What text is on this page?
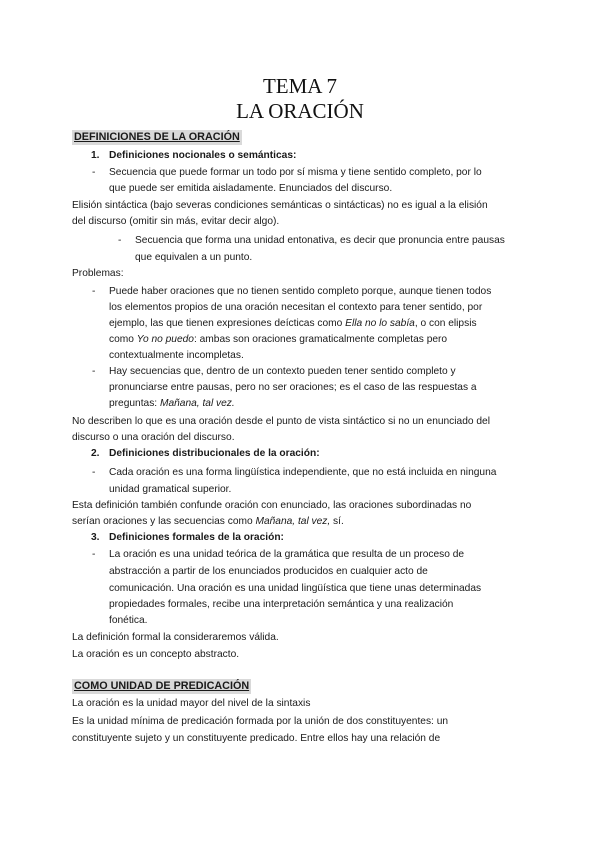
TEMA 7
LA ORACIÓN
DEFINICIONES DE LA ORACIÓN
1. Definiciones nocionales o semánticas:
- Secuencia que puede formar un todo por sí misma y tiene sentido completo, por lo
que puede ser emitida aisladamente. Enunciados del discurso.
Elisión sintáctica (bajo severas condiciones semánticas o sintácticas) no es igual a la elisión
del discurso (omitir sin más, evitar decir algo).
- Secuencia que forma una unidad entonativa, es decir que pronuncia entre pausas
que equivalen a un punto.
Problemas:
- Puede haber oraciones que no tienen sentido completo porque, aunque tienen todos
los elementos propios de una oración necesitan el contexto para tener sentido, por
ejemplo, las que tienen expresiones deícticas como Ella no lo sabía, o con elipsis
como Yo no puedo: ambas son oraciones gramaticalmente completas pero
contextualmente incompletas.
- Hay secuencias que, dentro de un contexto pueden tener sentido completo y
pronunciarse entre pausas, pero no ser oraciones; es el caso de las respuestas a
preguntas: Mañana, tal vez.
No describen lo que es una oración desde el punto de vista sintáctico si no un enunciado del
discurso o una oración del discurso.
2. Definiciones distribucionales de la oración:
- Cada oración es una forma lingüística independiente, que no está incluida en ninguna
unidad gramatical superior.
Esta definición también confunde oración con enunciado, las oraciones subordinadas no
serían oraciones y las secuencias como Mañana, tal vez, sí.
3. Definiciones formales de la oración:
- La oración es una unidad teórica de la gramática que resulta de un proceso de
abstracción a partir de los enunciados producidos en cualquier acto de
comunicación. Una oración es una unidad lingüística que tiene unas determinadas
propiedades formales, recibe una interpretación semántica y una realización
fonética.
La definición formal la consideraremos válida.
La oración es un concepto abstracto.
COMO UNIDAD DE PREDICACIÓN
La oración es la unidad mayor del nivel de la sintaxis
Es la unidad mínima de predicación formada por la unión de dos constituyentes: un
constituyente sujeto y un constituyente predicado. Entre ellos hay una relación de
